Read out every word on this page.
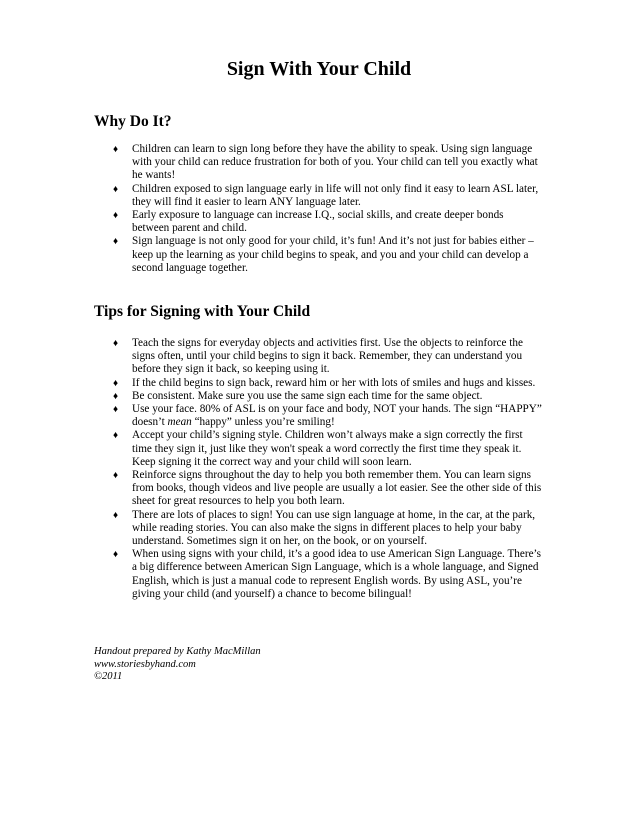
Sign With Your Child
Why Do It?
♦ Children can learn to sign long before they have the ability to speak. Using sign language with your child can reduce frustration for both of you. Your child can tell you exactly what he wants!
♦ Children exposed to sign language early in life will not only find it easy to learn ASL later, they will find it easier to learn ANY language later.
♦ Early exposure to language can increase I.Q., social skills, and create deeper bonds between parent and child.
♦ Sign language is not only good for your child, it’s fun! And it’s not just for babies either – keep up the learning as your child begins to speak, and you and your child can develop a second language together.
Tips for Signing with Your Child
♦ Teach the signs for everyday objects and activities first. Use the objects to reinforce the signs often, until your child begins to sign it back. Remember, they can understand you before they sign it back, so keeping using it.
♦ If the child begins to sign back, reward him or her with lots of smiles and hugs and kisses.
♦ Be consistent. Make sure you use the same sign each time for the same object.
♦ Use your face. 80% of ASL is on your face and body, NOT your hands. The sign “HAPPY” doesn’t mean “happy” unless you’re smiling!
♦ Accept your child’s signing style. Children won’t always make a sign correctly the first time they sign it, just like they won't speak a word correctly the first time they speak it. Keep signing it the correct way and your child will soon learn.
♦ Reinforce signs throughout the day to help you both remember them. You can learn signs from books, though videos and live people are usually a lot easier. See the other side of this sheet for great resources to help you both learn.
♦ There are lots of places to sign! You can use sign language at home, in the car, at the park, while reading stories. You can also make the signs in different places to help your baby understand. Sometimes sign it on her, on the book, or on yourself.
♦ When using signs with your child, it’s a good idea to use American Sign Language. There’s a big difference between American Sign Language, which is a whole language, and Signed English, which is just a manual code to represent English words. By using ASL, you’re giving your child (and yourself) a chance to become bilingual!
Handout prepared by Kathy MacMillan
www.storiesbyhand.com
©2011
